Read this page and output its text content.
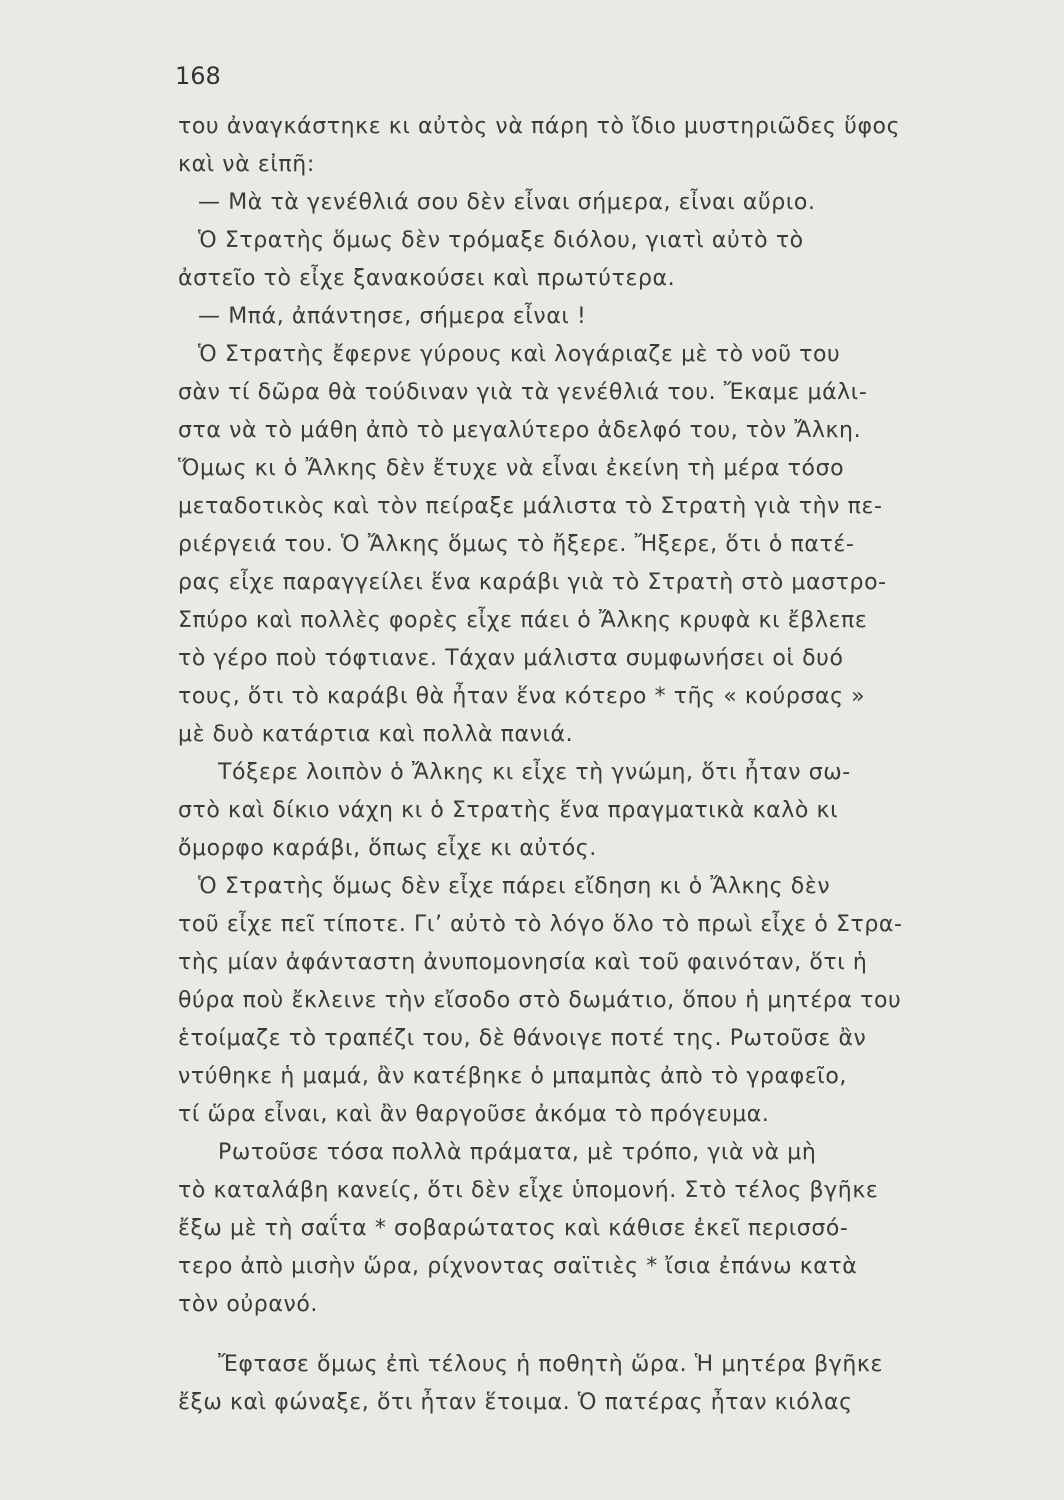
168
του ἀναγκάστηκε κι αὐτὸς νὰ πάρη τὸ ἴδιο μυστηριῶδες ὕφος
καὶ νὰ εἰπῆ:
— Μὰ τὰ γενέθλιά σου δὲν εἶναι σήμερα, εἶναι αὔριο.
Ὁ Στρατὴς ὅμως δὲν τρόμαξε διόλου, γιατὶ αὐτὸ τὸ
ἀστεῖο τὸ εἶχε ξανακούσει καὶ πρωτύτερα.
— Μπά, ἀπάντησε, σήμερα εἶναι !
Ὁ Στρατὴς ἔφερνε γύρους καὶ λογάριαζε μὲ τὸ νοῦ του
σὰν τί δῶρα θὰ τούδιναν γιὰ τὰ γενέθλιά του. Ἔκαμε μάλι-
στα νὰ τὸ μάθη ἀπὸ τὸ μεγαλύτερο ἀδελφό του, τὸν Ἄλκη.
Ὅμως κι ὁ Ἄλκης δὲν ἔτυχε νὰ εἶναι ἐκείνη τὴ μέρα τόσο
μεταδοτικὸς καὶ τὸν πείραξε μάλιστα τὸ Στρατὴ γιὰ τὴν πε-
ριέργειά του. Ὁ Ἄλκης ὅμως τὸ ἤξερε. Ἤξερε, ὅτι ὁ πατέ-
ρας εἶχε παραγγείλει ἕνα καράβι γιὰ τὸ Στρατὴ στὸ μαστρο-
Σπύρο καὶ πολλὲς φορὲς εἶχε πάει ὁ Ἄλκης κρυφὰ κι ἔβλεπε
τὸ γέρο ποὺ τόφτιανε. Τάχαν μάλιστα συμφωνήσει οἱ δυό
τους, ὅτι τὸ καράβι θὰ ἦταν ἕνα κότερο * τῆς « κούρσας »
μὲ δυὸ κατάρτια καὶ πολλὰ πανιά.
Τόξερε λοιπὸν ὁ Ἄλκης κι εἶχε τὴ γνώμη, ὅτι ἦταν σω-
στὸ καὶ δίκιο νάχη κι ὁ Στρατὴς ἕνα πραγματικὰ καλὸ κι
ὄμορφο καράβι, ὅπως εἶχε κι αὐτός.
Ὁ Στρατὴς ὅμως δὲν εἶχε πάρει εἴδηση κι ὁ Ἄλκης δὲν
τοῦ εἶχε πεῖ τίποτε. Γι’ αὐτὸ τὸ λόγο ὅλο τὸ πρωὶ εἶχε ὁ Στρα-
τὴς μίαν ἀφάνταστη ἀνυπομονησία καὶ τοῦ φαινόταν, ὅτι ἡ
θύρα ποὺ ἔκλεινε τὴν εἴσοδο στὸ δωμάτιο, ὅπου ἡ μητέρα του
ἑτοίμαζε τὸ τραπέζι του, δὲ θάνοιγε ποτέ της. Ρωτοῦσε ἂν
ντύθηκε ἡ μαμά, ἂν κατέβηκε ὁ μπαμπὰς ἀπὸ τὸ γραφεῖο,
τί ὥρα εἶναι, καὶ ἂν θαργοῦσε ἀκόμα τὸ πρόγευμα.
Ρωτοῦσε τόσα πολλὰ πράματα, μὲ τρόπο, γιὰ νὰ μὴ
τὸ καταλάβη κανείς, ὅτι δὲν εἶχε ὑπομονή. Στὸ τέλος βγῆκε
ἔξω μὲ τὴ σαΐτα * σοβαρώτατος καὶ κάθισε ἐκεῖ περισσό-
τερο ἀπὸ μισὴν ὥρα, ρίχνοντας σαϊτιὲς * ἴσια ἐπάνω κατὰ
τὸν οὐρανό.
Ἔφτασε ὅμως ἐπὶ τέλους ἡ ποθητὴ ὥρα. Ἡ μητέρα βγῆκε
ἔξω καὶ φώναξε, ὅτι ἦταν ἕτοιμα. Ὁ πατέρας ἦταν κιόλας
